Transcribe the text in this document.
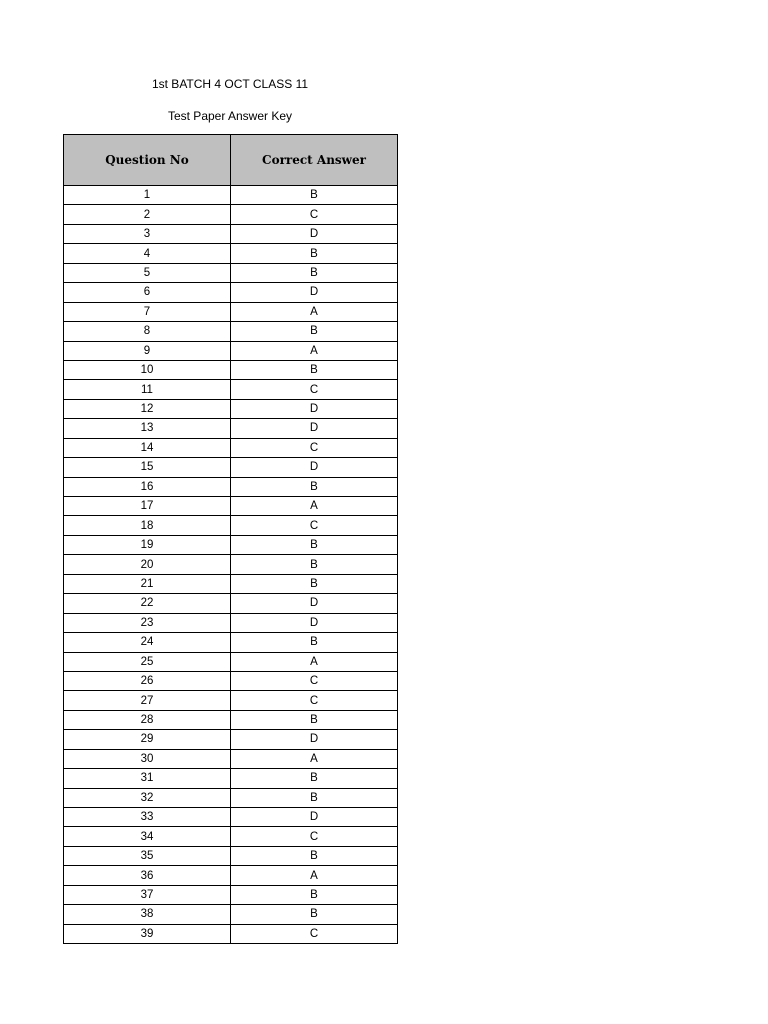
1st BATCH 4 OCT CLASS 11
Test Paper Answer Key
Question No	Correct Answer
1	B
2	C
3	D
4	B
5	B
6	D
7	A
8	B
9	A
10	B
11	C
12	D
13	D
14	C
15	D
16	B
17	A
18	C
19	B
20	B
21	B
22	D
23	D
24	B
25	A
26	C
27	C
28	B
29	D
30	A
31	B
32	B
33	D
34	C
35	B
36	A
37	B
38	B
39	C
